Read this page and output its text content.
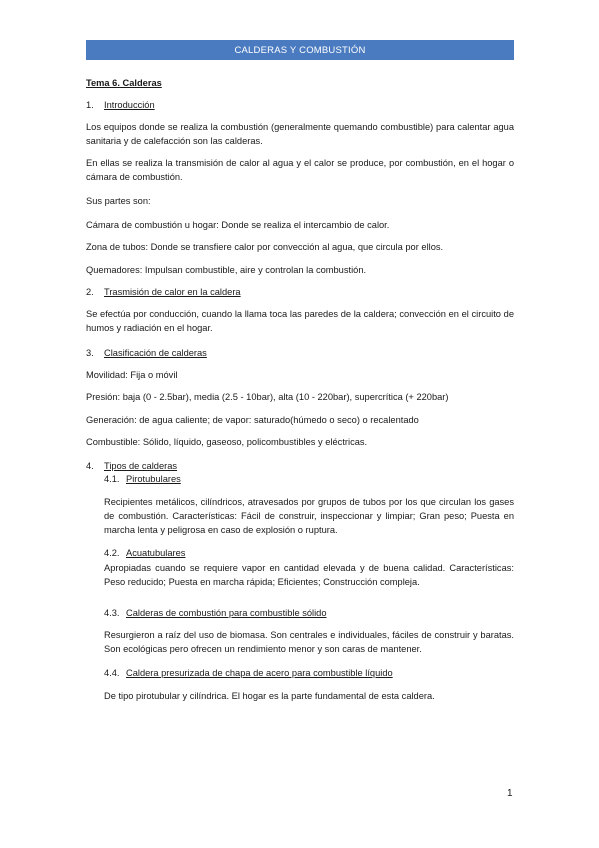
CALDERAS Y COMBUSTIÓN
Tema 6. Calderas
1. Introducción
Los equipos donde se realiza la combustión (generalmente quemando combustible) para calentar agua sanitaria y de calefacción son las calderas.
En ellas se realiza la transmisión de calor al agua y el calor se produce, por combustión, en el hogar o cámara de combustión.
Sus partes son:
Cámara de combustión u hogar: Donde se realiza el intercambio de calor.
Zona de tubos: Donde se transfiere calor por convección al agua, que circula por ellos.
Quemadores: Impulsan combustible, aire y controlan la combustión.
2. Trasmisión de calor en la caldera
Se efectúa por conducción, cuando la llama toca las paredes de la caldera; convección en el circuito de humos y radiación en el hogar.
3. Clasificación de calderas
Movilidad: Fija o móvil
Presión: baja (0 - 2.5bar), media (2.5 - 10bar), alta (10 - 220bar), supercrítica (+ 220bar)
Generación: de agua caliente; de vapor: saturado(húmedo o seco) o recalentado
Combustible: Sólido, líquido, gaseoso, policombustibles y eléctricas.
4. Tipos de calderas
4.1. Pirotubulares
Recipientes metálicos, cilíndricos, atravesados por grupos de tubos por los que circulan los gases de combustión. Características: Fácil de construir, inspeccionar y limpiar; Gran peso; Puesta en marcha lenta y peligrosa en caso de explosión o ruptura.
4.2. Acuatubulares
Apropiadas cuando se requiere vapor en cantidad elevada y de buena calidad. Características: Peso reducido; Puesta en marcha rápida; Eficientes; Construcción compleja.
4.3. Calderas de combustión para combustible sólido
Resurgieron a raíz del uso de biomasa. Son centrales e individuales, fáciles de construir y baratas. Son ecológicas pero ofrecen un rendimiento menor y son caras de mantener.
4.4. Caldera presurizada de chapa de acero para combustible líquido
De tipo pirotubular y cilíndrica. El hogar es la parte fundamental de esta caldera.
1
